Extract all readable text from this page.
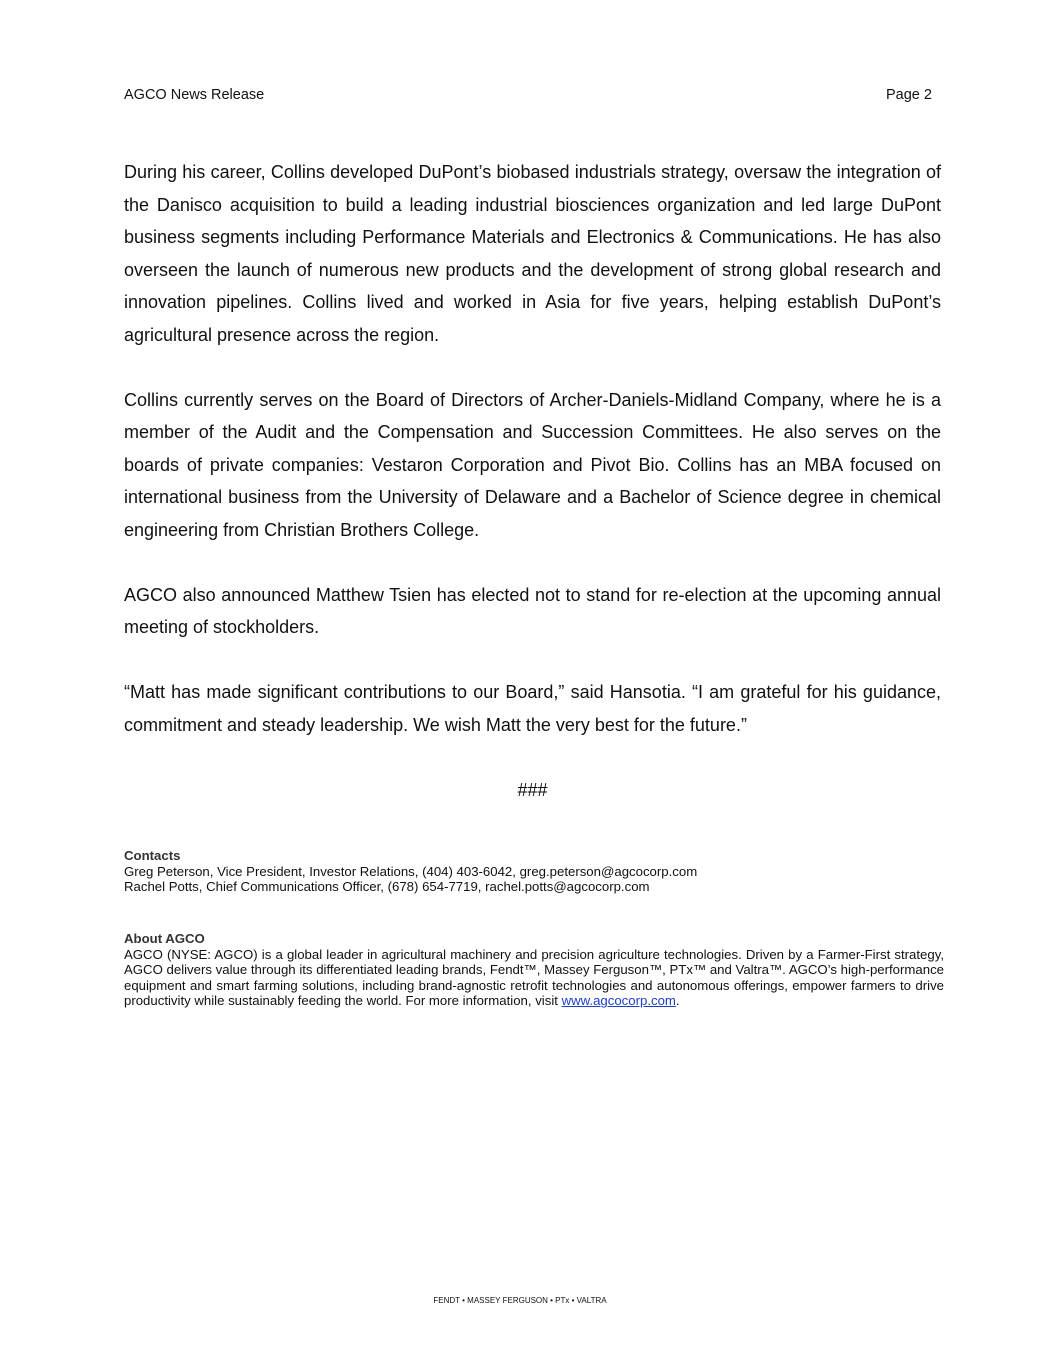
AGCO News Release	Page 2

During his career, Collins developed DuPont’s biobased industrials strategy, oversaw the integration of the Danisco acquisition to build a leading industrial biosciences organization and led large DuPont business segments including Performance Materials and Electronics & Communications. He has also overseen the launch of numerous new products and the development of strong global research and innovation pipelines. Collins lived and worked in Asia for five years, helping establish DuPont’s agricultural presence across the region.

Collins currently serves on the Board of Directors of Archer-Daniels-Midland Company, where he is a member of the Audit and the Compensation and Succession Committees. He also serves on the boards of private companies: Vestaron Corporation and Pivot Bio. Collins has an MBA focused on international business from the University of Delaware and a Bachelor of Science degree in chemical engineering from Christian Brothers College.

AGCO also announced Matthew Tsien has elected not to stand for re-election at the upcoming annual meeting of stockholders.

“Matt has made significant contributions to our Board,” said Hansotia. “I am grateful for his guidance, commitment and steady leadership. We wish Matt the very best for the future.”

###

Contacts
Greg Peterson, Vice President, Investor Relations, (404) 403-6042, greg.peterson@agcocorp.com
Rachel Potts, Chief Communications Officer, (678) 654-7719, rachel.potts@agcocorp.com
About AGCO
AGCO (NYSE: AGCO) is a global leader in agricultural machinery and precision agriculture technologies. Driven by a Farmer-First strategy, AGCO delivers value through its differentiated leading brands, Fendt™, Massey Ferguson™, PTx™ and Valtra™. AGCO’s high-performance equipment and smart farming solutions, including brand-agnostic retrofit technologies and autonomous offerings, empower farmers to drive productivity while sustainably feeding the world. For more information, visit www.agcocorp.com.
FENDT • MASSEY FERGUSON • PTx • VALTRA
